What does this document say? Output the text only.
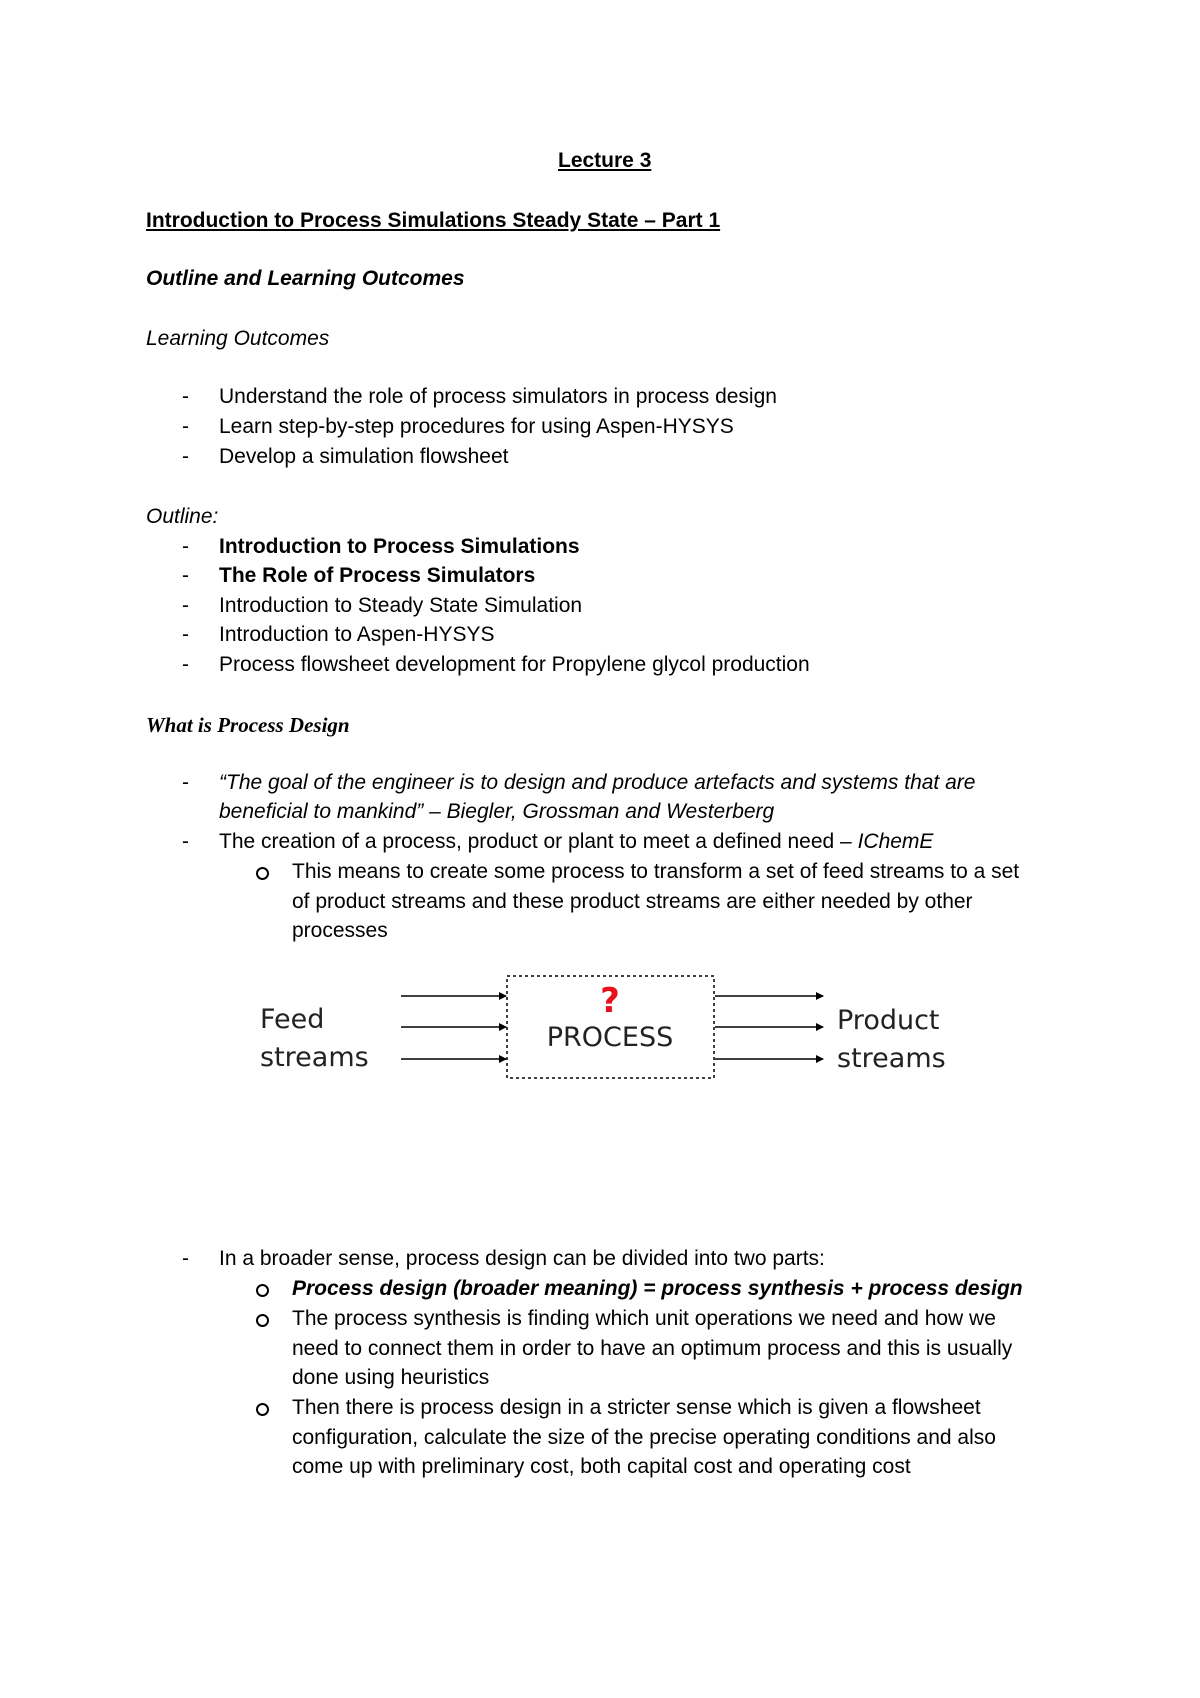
Lecture 3
Introduction to Process Simulations Steady State – Part 1
Outline and Learning Outcomes
Learning Outcomes
- Understand the role of process simulators in process design
- Learn step-by-step procedures for using Aspen-HYSYS
- Develop a simulation flowsheet
Outline:
- Introduction to Process Simulations
- The Role of Process Simulators
- Introduction to Steady State Simulation
- Introduction to Aspen-HYSYS
- Process flowsheet development for Propylene glycol production
What is Process Design
- “The goal of the engineer is to design and produce artefacts and systems that are
beneficial to mankind” – Biegler, Grossman and Westerberg
- The creation of a process, product or plant to meet a defined need – IChemE
This means to create some process to transform a set of feed streams to a set
of product streams and these product streams are either needed by other
processes
Feed
streams
?
PROCESS
Product
streams
- In a broader sense, process design can be divided into two parts:
Process design (broader meaning) = process synthesis + process design
The process synthesis is finding which unit operations we need and how we
need to connect them in order to have an optimum process and this is usually
done using heuristics
Then there is process design in a stricter sense which is given a flowsheet
configuration, calculate the size of the precise operating conditions and also
come up with preliminary cost, both capital cost and operating cost
